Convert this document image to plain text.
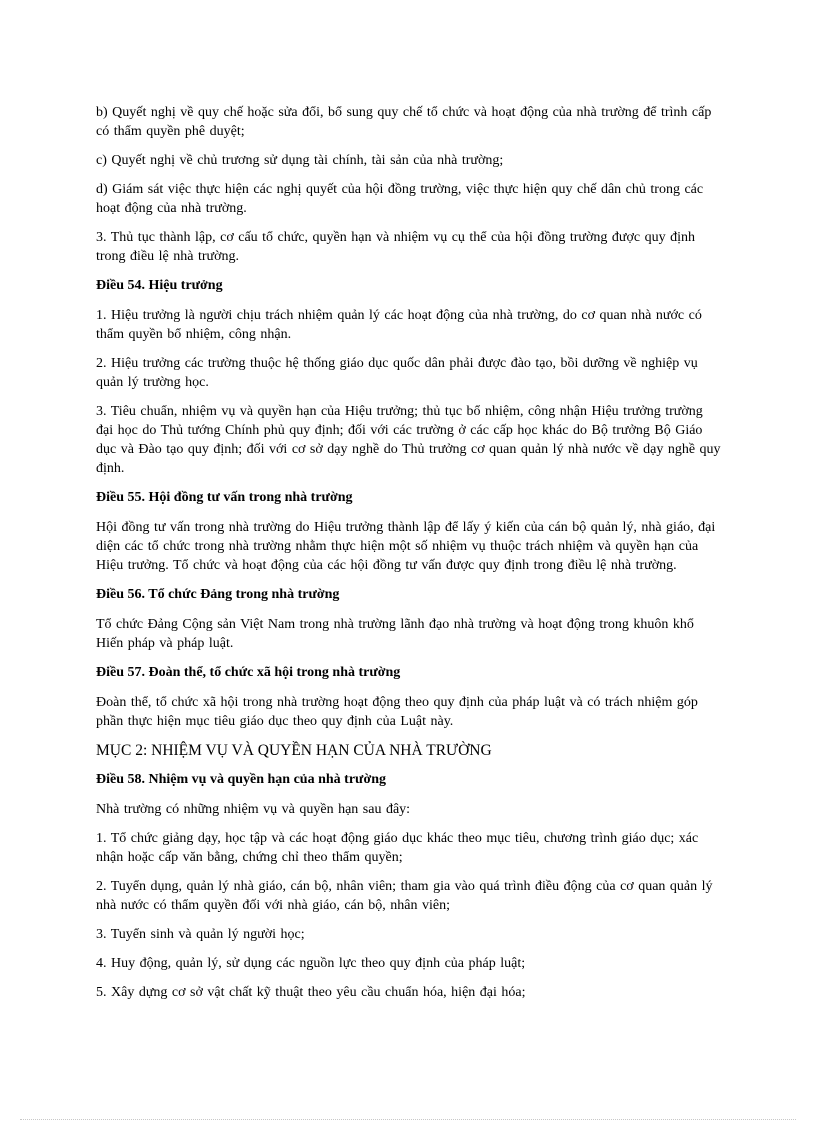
b) Quyết nghị về quy chế hoặc sửa đổi, bổ sung quy chế tổ chức và hoạt động của nhà trường để trình cấp có thẩm quyền phê duyệt;

c) Quyết nghị về chủ trương sử dụng tài chính, tài sản của nhà trường;

d) Giám sát việc thực hiện các nghị quyết của hội đồng trường, việc thực hiện quy chế dân chủ trong các hoạt động của nhà trường.

3. Thủ tục thành lập, cơ cấu tổ chức, quyền hạn và nhiệm vụ cụ thể của hội đồng trường được quy định trong điều lệ nhà trường.

Điều 54. Hiệu trưởng

1. Hiệu trưởng là người chịu trách nhiệm quản lý các hoạt động của nhà trường, do cơ quan nhà nước có thẩm quyền bổ nhiệm, công nhận.

2. Hiệu trưởng các trường thuộc hệ thống giáo dục quốc dân phải được đào tạo, bồi dưỡng về nghiệp vụ quản lý trường học.

3. Tiêu chuẩn, nhiệm vụ và quyền hạn của Hiệu trưởng; thủ tục bổ nhiệm, công nhận Hiệu trưởng trường đại học do Thủ tướng Chính phủ quy định; đối với các trường ở các cấp học khác do Bộ trưởng Bộ Giáo dục và Đào tạo quy định; đối với cơ sở dạy nghề do Thủ trưởng cơ quan quản lý nhà nước về dạy nghề quy định.

Điều 55. Hội đồng tư vấn trong nhà trường

Hội đồng tư vấn trong nhà trường do Hiệu trưởng thành lập để lấy ý kiến của cán bộ quản lý, nhà giáo, đại diện các tổ chức trong nhà trường nhằm thực hiện một số nhiệm vụ thuộc trách nhiệm và quyền hạn của Hiệu trưởng. Tổ chức và hoạt động của các hội đồng tư vấn được quy định trong điều lệ nhà trường.

Điều 56. Tổ chức Đảng trong nhà trường

Tổ chức Đảng Cộng sản Việt Nam trong nhà trường lãnh đạo nhà trường và hoạt động trong khuôn khổ Hiến pháp và pháp luật.

Điều 57. Đoàn thể, tổ chức xã hội trong nhà trường

Đoàn thể, tổ chức xã hội trong nhà trường hoạt động theo quy định của pháp luật và có trách nhiệm góp phần thực hiện mục tiêu giáo dục theo quy định của Luật này.

MỤC 2: NHIỆM VỤ VÀ QUYỀN HẠN CỦA NHÀ TRƯỜNG

Điều 58. Nhiệm vụ và quyền hạn của nhà trường

Nhà trường có những nhiệm vụ và quyền hạn sau đây:

1. Tổ chức giảng dạy, học tập và các hoạt động giáo dục khác theo mục tiêu, chương trình giáo dục; xác nhận hoặc cấp văn bằng, chứng chỉ theo thẩm quyền;

2. Tuyển dụng, quản lý nhà giáo, cán bộ, nhân viên; tham gia vào quá trình điều động của cơ quan quản lý nhà nước có thẩm quyền đối với nhà giáo, cán bộ, nhân viên;

3. Tuyển sinh và quản lý người học;

4. Huy động, quản lý, sử dụng các nguồn lực theo quy định của pháp luật;

5. Xây dựng cơ sở vật chất kỹ thuật theo yêu cầu chuẩn hóa, hiện đại hóa;
